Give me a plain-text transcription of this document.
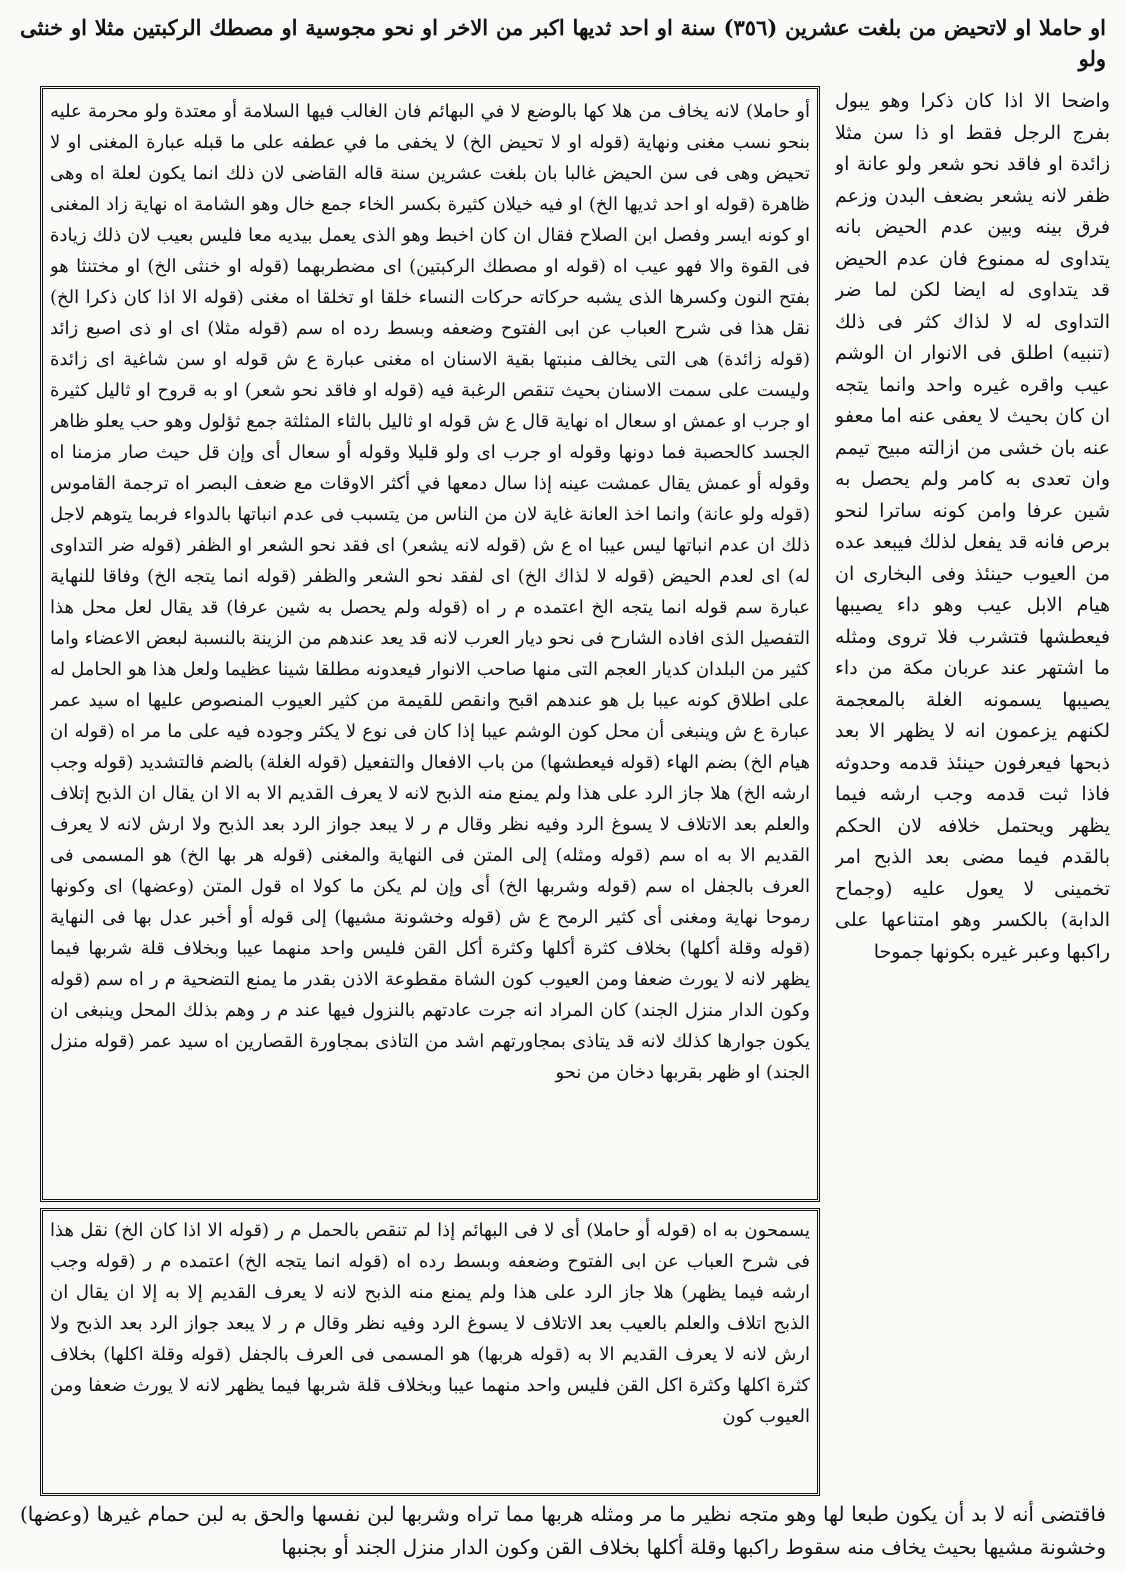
او حاملا او لاتحيض من بلغت عشرين (٣٥٦) سنة او احد ثديها اكبر من الاخر او نحو مجوسية او مصطك الركبتين مثلا او خنثى ولو

أو حاملا) لانه يخاف من هلا كها بالوضع لا في البهائم فان الغالب فيها السلامة أو معتدة ولو محرمة عليه بنحو نسب مغنى ونهاية (قوله او لا تحيض الخ) لا يخفى ما في عطفه على ما قبله عبارة المغنى او لا تحيض وهى فى سن الحيض غالبا بان بلغت عشرين سنة قاله القاضى لان ذلك انما يكون لعلة اه وهى ظاهرة (قوله او احد ثديها الخ) او فيه خيلان كثيرة بكسر الخاء جمع خال وهو الشامة اه نهاية زاد المغنى او كونه ايسر وفصل ابن الصلاح فقال ان كان اخبط وهو الذى يعمل بيديه معا فليس بعيب لان ذلك زيادة فى القوة والا فهو عيب اه (قوله او مصطك الركبتين) اى مضطربهما (قوله او خنثى الخ) او مختنثا هو بفتح النون وكسرها الذى يشبه حركاته حركات النساء خلقا او تخلقا اه مغنى (قوله الا اذا كان ذكرا الخ) نقل هذا فى شرح العباب عن ابى الفتوح وضعفه وبسط رده اه سم (قوله مثلا) اى او ذى اصبع زائد (قوله زائدة) هى التى يخالف منبتها بقية الاسنان اه مغنى عبارة ع ش قوله او سن شاغية اى زائدة وليست على سمت الاسنان بحيث تنقص الرغبة فيه (قوله او فاقد نحو شعر) او به قروح او ثاليل كثيرة او جرب او عمش او سعال اه نهاية قال ع ش قوله او ثاليل بالثاء المثلثة جمع ثؤلول وهو حب يعلو ظاهر الجسد كالحصبة فما دونها وقوله او جرب اى ولو قليلا وقوله أو سعال أى وإن قل حيث صار مزمنا اه وقوله أو عمش يقال عمشت عينه إذا سال دمعها في أكثر الاوقات مع ضعف البصر اه ترجمة القاموس (قوله ولو عانة) وانما اخذ العانة غاية لان من الناس من يتسبب فى عدم انباتها بالدواء فربما يتوهم لاجل ذلك ان عدم انباتها ليس عيبا اه ع ش (قوله لانه يشعر) اى فقد نحو الشعر او الظفر (قوله ضر التداوى له) اى لعدم الحيض (قوله لا لذاك الخ) اى لفقد نحو الشعر والظفر (قوله انما يتجه الخ) وفاقا للنهاية عبارة سم قوله انما يتجه الخ اعتمده م ر اه (قوله ولم يحصل به شين عرفا) قد يقال لعل محل هذا التفصيل الذى افاده الشارح فى نحو ديار العرب لانه قد يعد عندهم من الزينة بالنسبة لبعض الاعضاء واما كثير من البلدان كديار العجم التى منها صاحب الانوار فيعدونه مطلقا شينا عظيما ولعل هذا هو الحامل له على اطلاق كونه عيبا بل هو عندهم اقبح وانقص للقيمة من كثير العيوب المنصوص عليها اه سيد عمر عبارة ع ش وينبغى أن محل كون الوشم عيبا إذا كان فى نوع لا يكثر وجوده فيه على ما مر اه (قوله ان هيام الخ) بضم الهاء (قوله فيعطشها) من باب الافعال والتفعيل (قوله الغلة) بالضم فالتشديد (قوله وجب ارشه الخ) هلا جاز الرد على هذا ولم يمنع منه الذبح لانه لا يعرف القديم الا به الا ان يقال ان الذبح إتلاف والعلم بعد الاتلاف لا يسوغ الرد وفيه نظر وقال م ر لا يبعد جواز الرد بعد الذبح ولا ارش لانه لا يعرف القديم الا به اه سم (قوله ومثله) إلى المتن فى النهاية والمغنى (قوله هر بها الخ) هو المسمى فى العرف بالجفل اه سم (قوله وشربها الخ) أى وإن لم يكن ما كولا اه قول المتن (وعضها) اى وكونها رموحا نهاية ومغنى أى كثير الرمح ع ش (قوله وخشونة مشيها) إلى قوله أو أخبر عدل بها فى النهاية (قوله وقلة أكلها) بخلاف كثرة أكلها وكثرة أكل القن فليس واحد منهما عيبا وبخلاف قلة شربها فيما يظهر لانه لا يورث ضعفا ومن العيوب كون الشاة مقطوعة الاذن بقدر ما يمنع التضحية م ر اه سم (قوله وكون الدار منزل الجند) كان المراد انه جرت عادتهم بالنزول فيها عند م ر وهم بذلك المحل وينبغى ان يكون جوارها كذلك لانه قد يتاذى بمجاورتهم اشد من التاذى بمجاورة القصارين اه سيد عمر (قوله منزل الجند) او ظهر بقربها دخان من نحو

يسمحون به اه (قوله أو حاملا) أى لا فى البهائم إذا لم تنقص بالحمل م ر (قوله الا اذا كان الخ) نقل هذا فى شرح العباب عن ابى الفتوح وضعفه وبسط رده اه (قوله انما يتجه الخ) اعتمده م ر (قوله وجب ارشه فيما يظهر) هلا جاز الرد على هذا ولم يمنع منه الذبح لانه لا يعرف القديم إلا به إلا ان يقال ان الذبح اتلاف والعلم بالعيب بعد الاتلاف لا يسوغ الرد وفيه نظر وقال م ر لا يبعد جواز الرد بعد الذبح ولا ارش لانه لا يعرف القديم الا به (قوله هربها) هو المسمى فى العرف بالجفل (قوله وقلة اكلها) بخلاف كثرة اكلها وكثرة اكل القن فليس واحد منهما عيبا وبخلاف قلة شربها فيما يظهر لانه لا يورث ضعفا ومن العيوب كون

واضحا الا اذا كان ذكرا وهو يبول بفرج الرجل فقط او ذا سن مثلا زائدة او فاقد نحو شعر ولو عانة او ظفر لانه يشعر بضعف البدن وزعم فرق بينه وبين عدم الحيض بانه يتداوى له ممنوع فان عدم الحيض قد يتداوى له ايضا لكن لما ضر التداوى له لا لذاك كثر فى ذلك (تنبيه) اطلق فى الانوار ان الوشم عيب واقره غيره واحد وانما يتجه ان كان بحيث لا يعفى عنه اما معفو عنه بان خشى من ازالته مبيح تيمم وان تعدى به كامر ولم يحصل به شين عرفا وامن كونه ساترا لنحو برص فانه قد يفعل لذلك فيبعد عده من العيوب حينئذ وفى البخارى ان هيام الابل عيب وهو داء يصيبها فيعطشها فتشرب فلا تروى ومثله ما اشتهر عند عربان مكة من داء يصيبها يسمونه الغلة بالمعجمة لكنهم يزعمون انه لا يظهر الا بعد ذبحها فيعرفون حينئذ قدمه وحدوثه فاذا ثبت قدمه وجب ارشه فيما يظهر ويحتمل خلافه لان الحكم بالقدم فيما مضى بعد الذبح امر تخمينى لا يعول عليه (وجماح الدابة) بالكسر وهو امتناعها على راكبها وعبر غيره بكونها جموحا

فاقتضى أنه لا بد أن يكون طبعا لها وهو متجه نظير ما مر ومثله هربها مما تراه وشربها لبن نفسها والحق به لبن حمام غيرها (وعضها) وخشونة مشيها بحيث يخاف منه سقوط راكبها وقلة أكلها بخلاف القن وكون الدار منزل الجند أو بجنبها
